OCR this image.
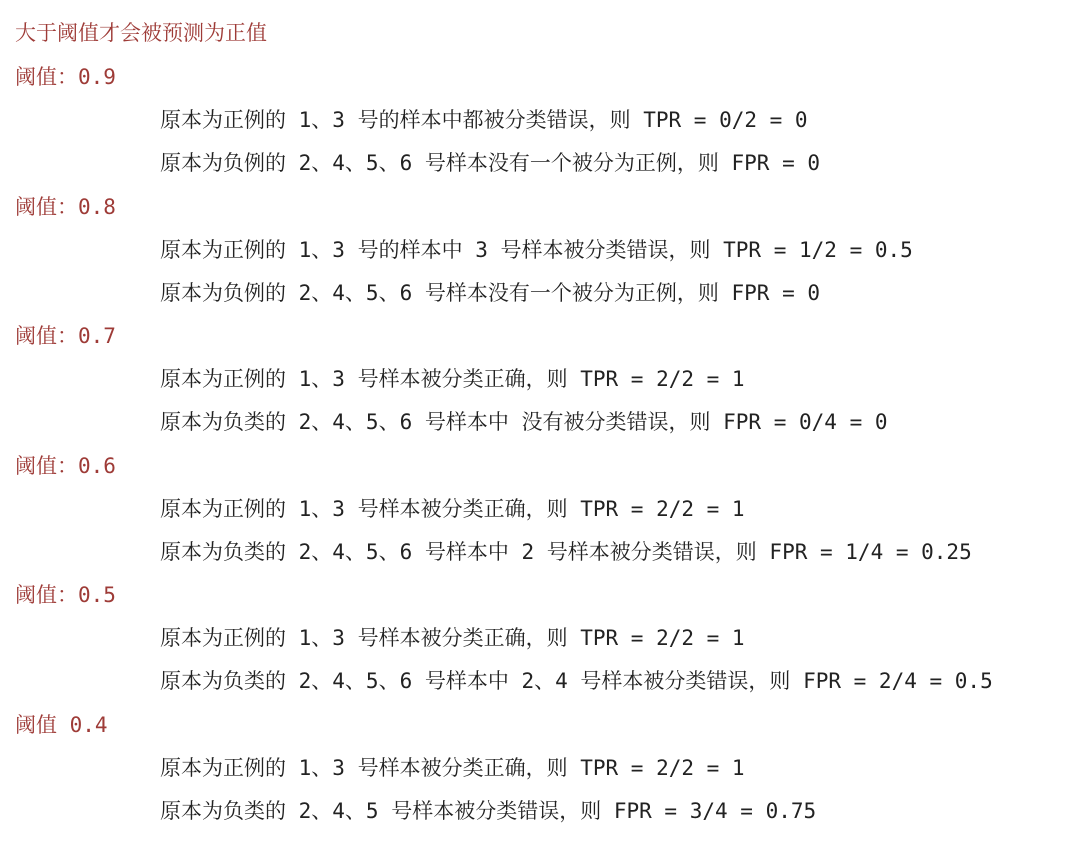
大于阈值才会被预测为正值
阈值：0.9
原本为正例的 1、3 号的样本中都被分类错误，则 TPR = 0/2 = 0
原本为负例的 2、4、5、6 号样本没有一个被分为正例，则 FPR = 0
阈值：0.8
原本为正例的 1、3 号的样本中 3 号样本被分类错误，则 TPR = 1/2 = 0.5
原本为负例的 2、4、5、6 号样本没有一个被分为正例，则 FPR = 0
阈值：0.7
原本为正例的 1、3 号样本被分类正确，则 TPR = 2/2 = 1
原本为负类的 2、4、5、6 号样本中 没有被分类错误，则 FPR = 0/4 = 0
阈值：0.6
原本为正例的 1、3 号样本被分类正确，则 TPR = 2/2 = 1
原本为负类的 2、4、5、6 号样本中 2 号样本被分类错误，则 FPR = 1/4 = 0.25
阈值：0.5
原本为正例的 1、3 号样本被分类正确，则 TPR = 2/2 = 1
原本为负类的 2、4、5、6 号样本中 2、4 号样本被分类错误，则 FPR = 2/4 = 0.5
阈值 0.4
原本为正例的 1、3 号样本被分类正确，则 TPR = 2/2 = 1
原本为负类的 2、4、5 号样本被分类错误，则 FPR = 3/4 = 0.75
